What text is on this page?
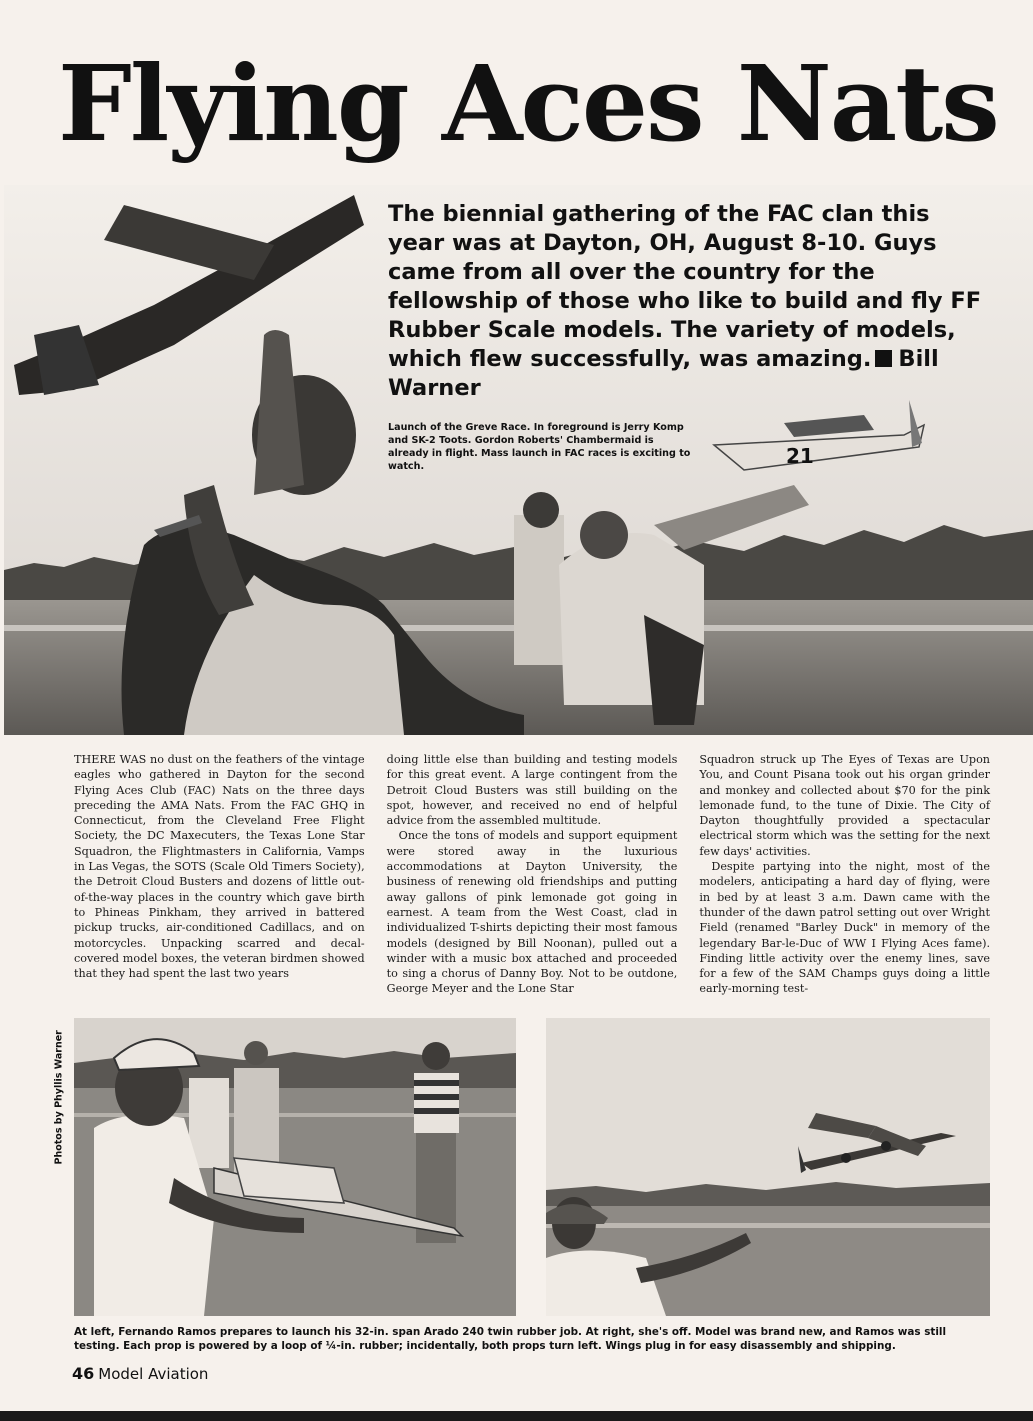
Flying Aces Nats
21
The biennial gathering of the FAC clan this year was at Dayton, OH, August 8-10. Guys came from all over the country for the fellowship of those who like to build and fly FF Rubber Scale models. The variety of models, which flew successfully, was amazing. Bill Warner
Launch of the Greve Race. In foreground is Jerry Komp and SK-2 Toots. Gordon Roberts' Chambermaid is already in flight. Mass launch in FAC races is exciting to watch.

THERE WAS no dust on the feathers of the vintage eagles who gathered in Dayton for the second Flying Aces Club (FAC) Nats on the three days preceding the AMA Nats. From the FAC GHQ in Connecticut, from the Cleveland Free Flight Society, the DC Maxecuters, the Texas Lone Star Squadron, the Flightmasters in California, Vamps in Las Vegas, the SOTS (Scale Old Timers Society), the Detroit Cloud Busters and dozens of little out-of-the-way places in the country which gave birth to Phineas Pinkham, they arrived in battered pickup trucks, air-conditioned Cadillacs, and on motorcycles. Unpacking scarred and decal-covered model boxes, the veteran birdmen showed that they had spent the last two years

doing little else than building and testing models for this great event. A large contingent from the Detroit Cloud Busters was still building on the spot, however, and received no end of helpful advice from the assembled multitude.

Once the tons of models and support equipment were stored away in the luxurious accommodations at Dayton University, the business of renewing old friendships and putting away gallons of pink lemonade got going in earnest. A team from the West Coast, clad in individualized T-shirts depicting their most famous models (designed by Bill Noonan), pulled out a winder with a music box attached and proceeded to sing a chorus of Danny Boy. Not to be outdone, George Meyer and the Lone Star

Squadron struck up The Eyes of Texas are Upon You, and Count Pisana took out his organ grinder and monkey and collected about $70 for the pink lemonade fund, to the tune of Dixie. The City of Dayton thoughtfully provided a spectacular electrical storm which was the setting for the next few days' activities.

Despite partying into the night, most of the modelers, anticipating a hard day of flying, were in bed by at least 3 a.m. Dawn came with the thunder of the dawn patrol setting out over Wright Field (renamed "Barley Duck" in memory of the legendary Bar-le-Duc of WW I Flying Aces fame). Finding little activity over the enemy lines, save for a few of the SAM Champs guys doing a little early-morning test-

Photos by Phyllis Warner
At left, Fernando Ramos prepares to launch his 32-in. span Arado 240 twin rubber job. At right, she's off. Model was brand new, and Ramos was still testing. Each prop is powered by a loop of ¼-in. rubber; incidentally, both props turn left. Wings plug in for easy disassembly and shipping.
46 Model Aviation
